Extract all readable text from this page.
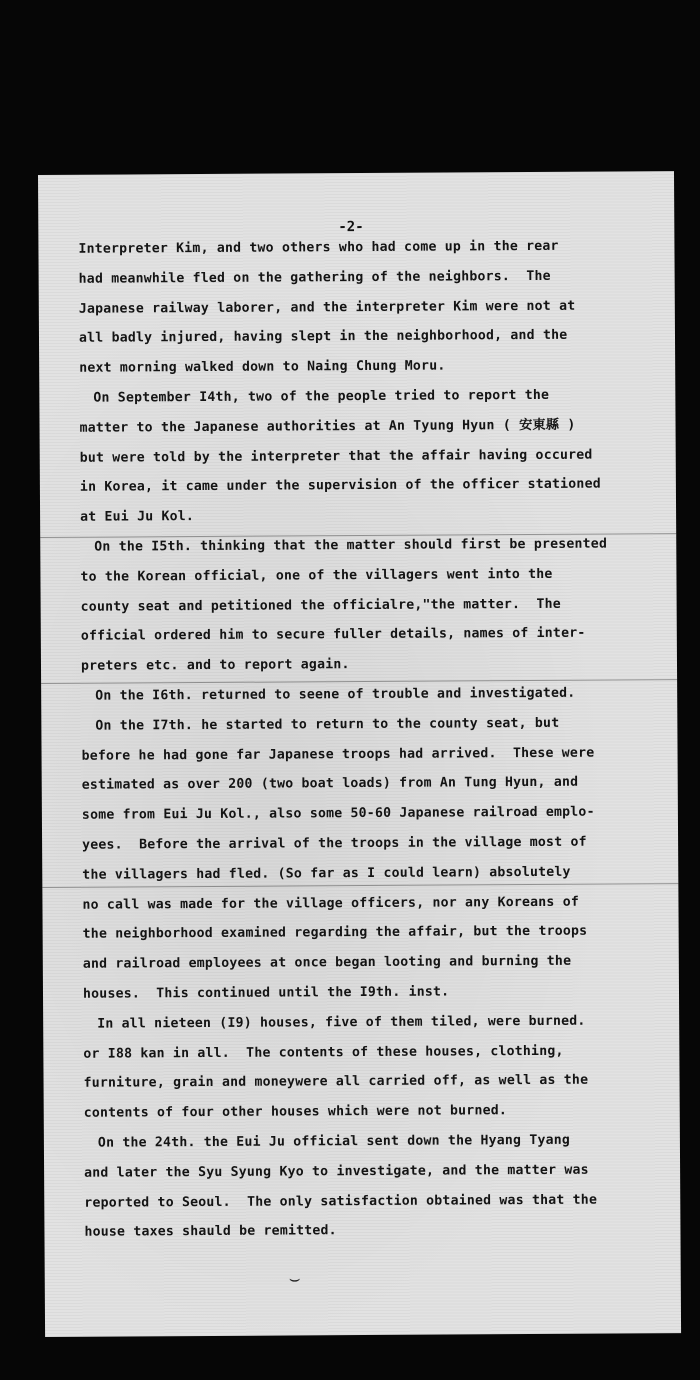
-2-
Interpreter Kim, and two others who had come up in the rear
had meanwhile fled on the gathering of the neighbors.  The
Japanese railway laborer, and the interpreter Kim were not at
all badly injured, having slept in the neighborhood, and the
next morning walked down to Naing Chung Moru.
On September I4th, two of the people tried to report the
matter to the Japanese authorities at An Tyung Hyun ( 安東縣 )
but were told by the interpreter that the affair having occured
in Korea, it came under the supervision of the officer stationed
at Eui Ju Kol.
On the I5th. thinking that the matter should first be presented
to the Korean official, one of the villagers went into the
county seat and petitioned the officialre,"the matter.  The
official ordered him to secure fuller details, names of inter-
preters etc. and to report again.
On the I6th. returned to seene of trouble and investigated.
On the I7th. he started to return to the county seat, but
before he had gone far Japanese troops had arrived.  These were
estimated as over 200 (two boat loads) from An Tung Hyun, and
some from Eui Ju Kol., also some 50-60 Japanese railroad emplo-
yees.  Before the arrival of the troops in the village most of
the villagers had fled. (So far as I could learn) absolutely
no call was made for the village officers, nor any Koreans of
the neighborhood examined regarding the affair, but the troops
and railroad employees at once began looting and burning the
houses.  This continued until the I9th. inst.
In all nieteen (I9) houses, five of them tiled, were burned.
or I88 kan in all.  The contents of these houses, clothing,
furniture, grain and moneywere all carried off, as well as the
contents of four other houses which were not burned.
On the 24th. the Eui Ju official sent down the Hyang Tyang
and later the Syu Syung Kyo to investigate, and the matter was
reported to Seoul.  The only satisfaction obtained was that the
house taxes shauld be remitted.
⌣
